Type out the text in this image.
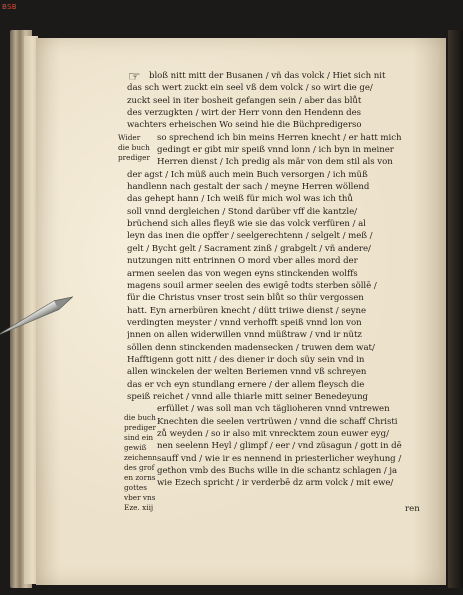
BSB
☞ bloß nitt mitt der Busanen / vñ das volck / Hiet sich nit
das sch wert zuckt ein seel vß dem volck / so wirt die ge/
zuckt seel in iter bosheit gefangen sein / aber das blůt
des verzugkten / wirt der Herr vonn den Hendenn des
wachters erheischen Wo seind hie die Büchpredigerso
so sprechend ich bin meins Herren knecht / er hatt mich
gedingt er gibt mir speiß vnnd lonn / ich byn in meiner
Herren dienst / Ich predig als mär von dem stil als von
der agst / Ich müß auch mein Buch versorgen / ich müß
handlenn nach gestalt der sach / meyne Herren wöllend
das gehept hann / Ich weiß für mich wol was ich thů
soll vnnd dergleichen / Stond darüber vff die kantzle/
brüchend sich alles fleyß wie sie das volck verfüren / al
leyn das inen die opffer / seelgerechtenn / selgelt / meß /
gelt / Bycht gelt / Sacrament zinß / grabgelt / vñ andere/
nutzungen nitt entrinnen O mord vber alles mord der
armen seelen das von wegen eyns stinckenden wolffs
magens souil armer seelen des ewigē todts sterben söllē /
für die Christus vnser trost sein blůt so thür vergossen
hatt. Eyn arnerbüren knecht / dütt triiwe dienst / seyne
verdingten meyster / vnnd verhofft speiß vnnd lon von
jnnen on allen widerwillen vnnd müßtraw / vnd ir nütz
söllen denn stinckenden madensecken / truwen dem wat/
Hafftigenn gott nitt / des diener ir doch süy sein vnd in
allen winckelen der welten Beriemen vnnd vß schreyen
das er vch eyn stundlang ernere / der allem fleysch die
speiß reichet / vnnd alle thiarle mitt seiner Benedeyung
erfüllet / was soll man vch täglioheren vnnd vntrewen
Knechten die seelen vertrüwen / vnnd die schaff Christi
zů weyden / so ir also mit vnrecktem zoun euwer eyg/
nen seelenn Heyl / glimpf / eer / vnd züsagun / gott in dē
sauff vnd / wie ir es nennend in priesterlicher weyhung /
gethon vmb des Buchs wille in die schantz schlagen / ja
wie Ezech spricht / ir verderbē dz arm volck / mit ewe/
Wider
die buch
prediger
die buch
prediger
sind ein
gewiß
zeichenn
des grof
en zorns
gottes
vber vns
Eze. xiij	ren
